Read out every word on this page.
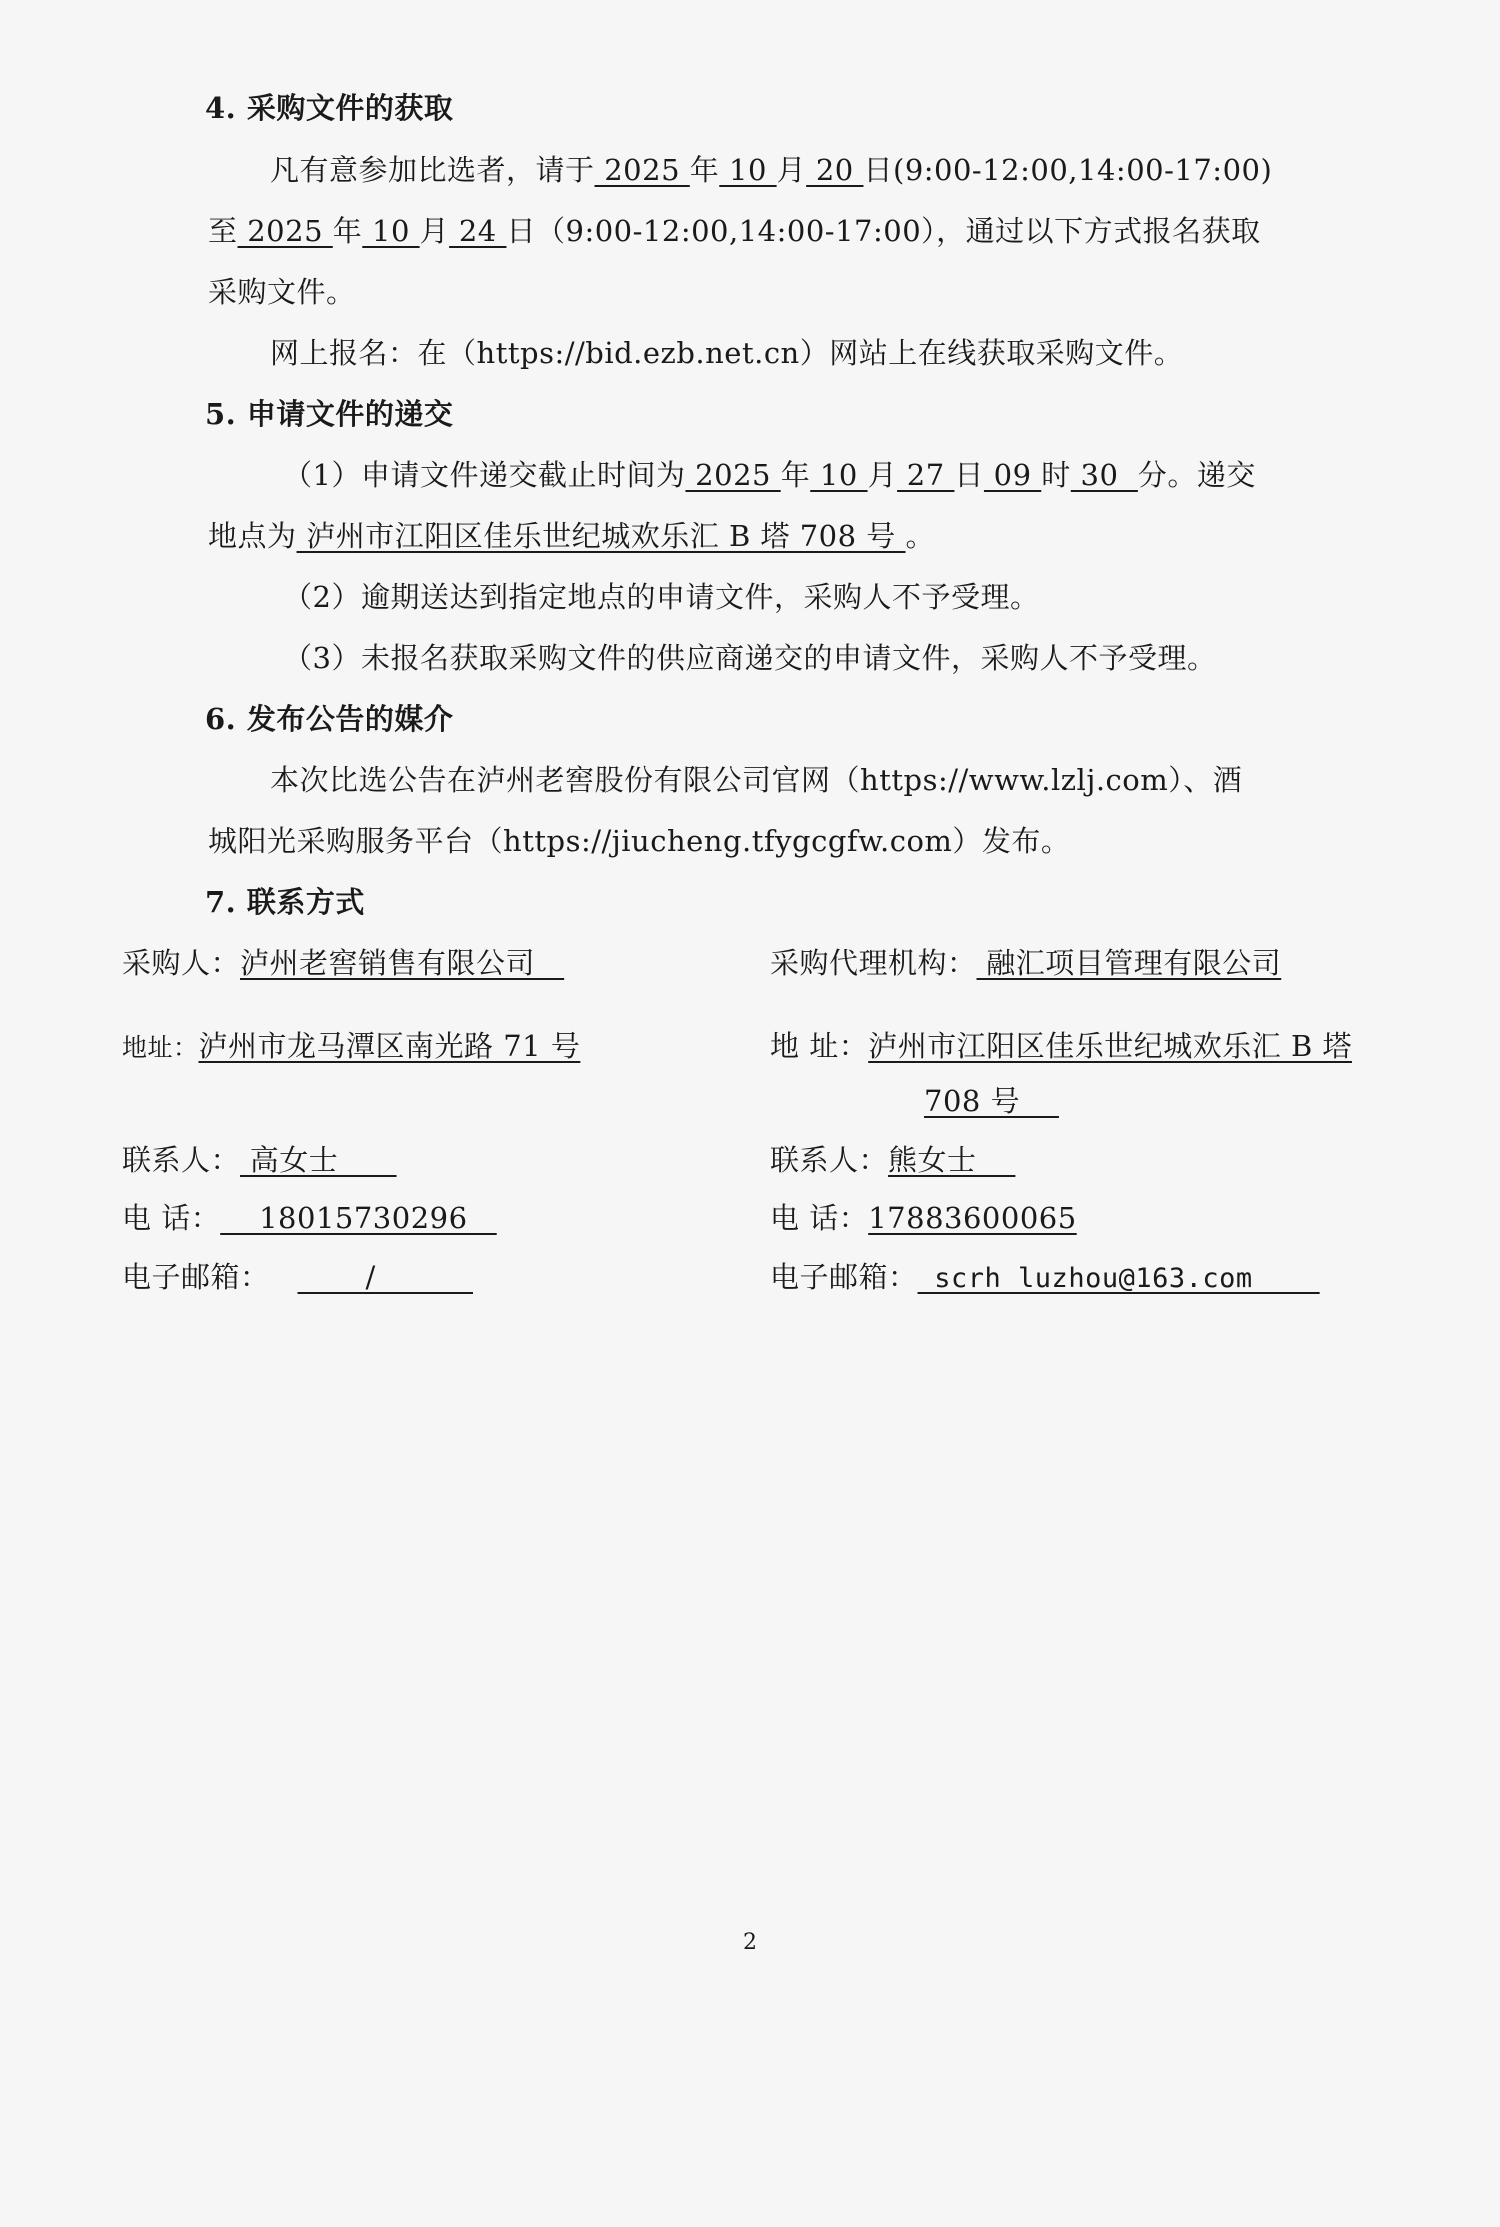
4. 采购文件的获取
凡有意参加比选者，请于 2025 年 10 月 20 日(9:00-12:00,14:00-17:00)
至 2025 年 10 月 24 日（9:00-12:00,14:00-17:00），通过以下方式报名获取
采购文件。
网上报名：在（https://bid.ezb.net.cn）网站上在线获取采购文件。
5. 申请文件的递交
（1）申请文件递交截止时间为 2025 年 10 月 27 日 09 时 30  分。递交
地点为 泸州市江阳区佳乐世纪城欢乐汇 B 塔 708 号 。
（2）逾期送达到指定地点的申请文件，采购人不予受理。
（3）未报名获取采购文件的供应商递交的申请文件，采购人不予受理。
6. 发布公告的媒介
本次比选公告在泸州老窖股份有限公司官网（https://www.lzlj.com）、酒
城阳光采购服务平台（https://jiucheng.tfygcgfw.com）发布。
7. 联系方式
采购人：泸州老窖销售有限公司	采购代理机构： 融汇项目管理有限公司
地址：泸州市龙马潭区南光路 71 号	地 址：泸州市江阳区佳乐世纪城欢乐汇 B 塔
708 号
联系人： 高女士	联系人：熊女士
电 话：    18015730296	电 话：17883600065
电子邮箱：       /	电子邮箱： scrh luzhou@163.com
2
